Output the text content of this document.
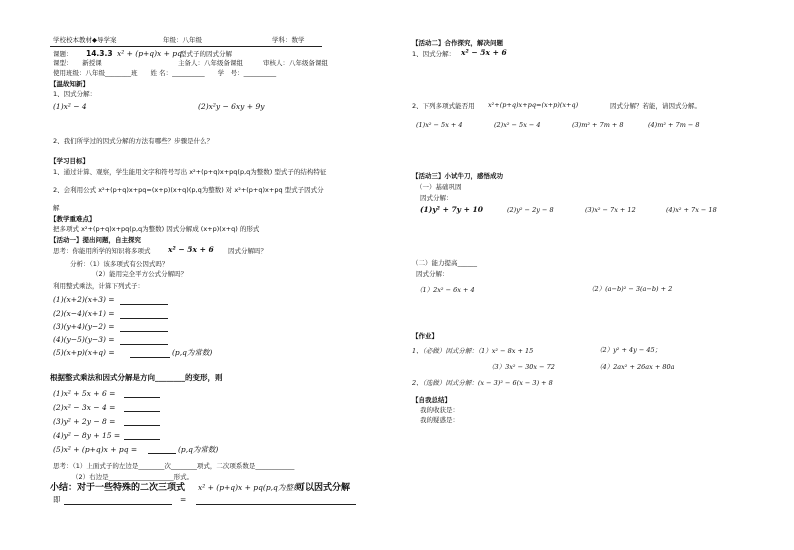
学校校本教材◆导学案	年级：八年级	学科：数学
课题： 14.3.3 x² + (p+q)x + pq
型式子的因式分解
课型：　　新授课	主备人：八年级备课组	审核人：八年级备课组
使用班级：八年级________班　　姓 名：__________　　学　号：__________
【温故知新】
1、因式分解：
(1)x² − 4	(2)x²y − 6xy + 9y
2、我们所学过的因式分解的方法有哪些？步骤是什么？
【学习目标】
1、通过计算、观察，学生能用文字和符号写出 x²+(p+q)x+pq(p,q为整数) 型式子的结构特征
2、会利用公式 x²+(p+q)x+pq=(x+p)(x+q)(p,q为整数) 对 x²+(p+q)x+pq 型式子因式分
解
【教学重难点】
把多项式 x²+(p+q)x+pq(p,q为整数) 因式分解成 (x+p)(x+q) 的形式
【活动一】提出问题，自主探究
思考：你能用所学的知识将多项式 x² − 5x + 6 因式分解吗？
分析：（1）该多项式有公因式吗？
（2）能用完全平方公式分解吗？
利用整式乘法，计算下列式子：
(1)(x+2)(x+3) =
(2)(x−4)(x+1) =
(3)(y+4)(y−2) =
(4)(y−5)(y−3) =
(5)(x+p)(x+q) =	(p,q为常数)
根据整式乘法和因式分解是方向________的变形，则
(1)x² + 5x + 6 =
(2)x² − 3x − 4 =
(3)y² + 2y − 8 =
(4)y² − 8y + 15 =
(5)x² + (p+q)x + pq =	(p,q为常数)
思考：（1）上面式子的左边是________次________项式，二次项系数是____________
（2）右边是____________________形式。
小结：对于一些特殊的二次三项式 x² + (p+q)x + pq(p,q为整数)
可以因式分解
即	=
【活动二】合作探究，解决问题
1、因式分解： x² − 5x + 6
2、下列多项式能否用 x²+(p+q)x+pq=(x+p)(x+q)	因式分解？若能，请因式分解。
(1)x² − 5x + 4	(2)x² − 5x − 4	(3)m² + 7m + 8	(4)m² + 7m − 8
【活动三】小试牛刀，感悟成功
（一）基础巩固
因式分解：
(1)y² + 7y + 10	(2)y² − 2y − 8	(3)x² − 7x + 12	(4)x² + 7x − 18
（二）能力提高______
因式分解：
（1）2x² − 6x + 4	（2）(a−b)² − 3(a−b) + 2
【作业】
1、（必做）因式分解：（1）x² − 8x + 15	（2）y² + 4y − 45；
（3）3x² − 30x − 72	（4）2ax² + 26ax + 80a
2、（选做）因式分解：(x − 3)² − 6(x − 3) + 8
【自我总结】
我的收获是：
我的疑惑是：
